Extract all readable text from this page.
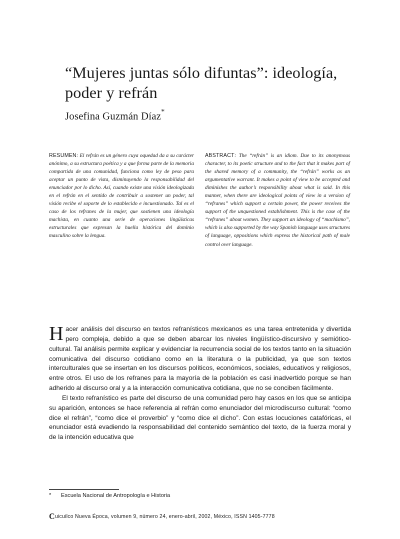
“Mujeres juntas sólo difuntas”: ideología, poder y refrán
Josefina Guzmán Díaz*
RESUMEN: El refrán es un género cuya oquedad da a su carácter anónimo, a su estructura poética y a que forma parte de la memoria compartida de una comunidad, funciona como ley de peso para aceptar un punto de vista, disminuyendo la responsabilidad del enunciador por lo dicho. Así, cuando existe una visión ideologizada en el refrán en el sentido de contribuir a sostener un poder, tal visión recibe el soporte de lo establecido e incuestionado. Tal es el caso de los refranes de la mujer, que sostienen una ideología machista, en cuanto una serie de operaciones lingüísticas estructurales que expresan la huella histórica del dominio masculino sobre la lengua.
ABSTRACT: The “refrán” is an idiom. Due to its anonymous character, to its poetic structure and to the fact that it makes part of the shared memory of a community, the “refrán” works as an argumentative warrant. It makes a point of view to be accepted and diminishes the author’s responsibility about what is said. In this manner, when there are ideological points of view in a version of “refranes” which support a certain power, the power receives the support of the unquestioned establishment. This is the case of the “refranes” about women. They support an ideology of “machismo”, which is also supported by the way Spanish language uses structures of language, oppositions which express the historical path of male control over language.

Hacer análisis del discurso en textos refranísticos mexicanos es una tarea entretenida y divertida pero compleja, debido a que se deben abarcar los niveles lingüístico-discursivo y semiótico-cultural. Tal análisis permite explicar y evidenciar la recurrencia social de los textos tanto en la situación comunicativa del discurso cotidiano como en la literatura o la publicidad, ya que son textos interculturales que se insertan en los discursos políticos, económicos, sociales, educativos y religiosos, entre otros. El uso de los refranes para la mayoría de la población es casi inadvertido porque se han adherido al discurso oral y a la interacción comunicativa cotidiana, que no se conciben fácilmente.

El texto refranístico es parte del discurso de una comunidad pero hay casos en los que se anticipa su aparición, entonces se hace referencia al refrán como enunciador del microdiscurso cultural: “como dice el refrán”, “como dice el proverbio” y “como dice el dicho”. Con estas locuciones catafóricas, el enunciador está evadiendo la responsabilidad del contenido semántico del texto, de la fuerza moral y de la intención educativa que

* Escuela Nacional de Antropología e Historia
Cuicuilco Nueva Época, volumen 9, número 24, enero-abril, 2002, México, ISSN 1405-7778
